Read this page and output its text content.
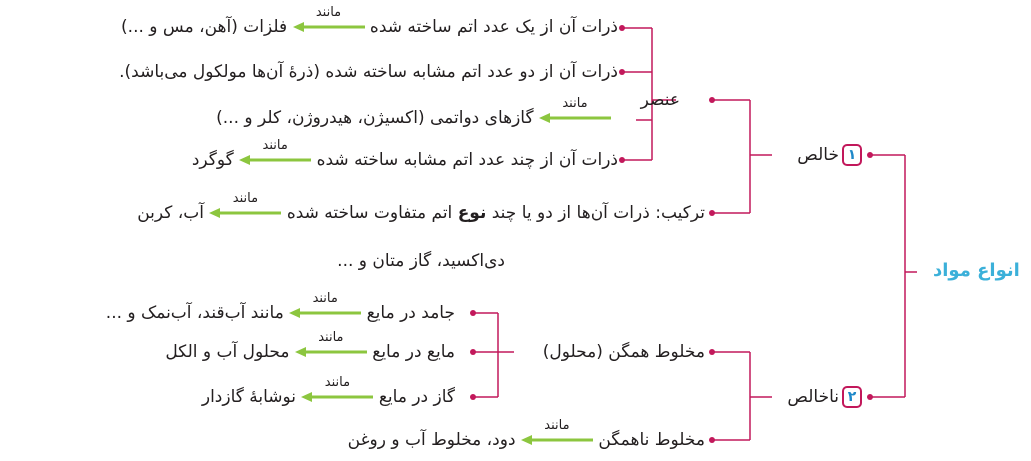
انواع مواد
۱خالص
عنصر
ذرات آن از یک عدد اتم ساخته شده
مانند
فلزات (آهن، مس و ...)
ذرات آن از دو عدد اتم مشابه ساخته شده (ذرهٔ آن‌ها مولکول می‌باشد).
مانند
گازهای دواتمی (اکسیژن، هیدروژن، کلر و ...)
ذرات آن از چند عدد اتم مشابه ساخته شده
مانند
گوگرد
ترکیب: ذرات آن‌ها از دو یا چند نوع اتم متفاوت ساخته شده
مانند
آب، کربن
دی‌اکسید، گاز متان و ...
۲ناخالص
مخلوط همگن (محلول)
جامد در مایع
مانند
مانند آب‌قند، آب‌نمک و ...
مایع در مایع
مانند
محلول آب و الکل
گاز در مایع
مانند
نوشابهٔ گازدار
مخلوط ناهمگن
مانند
دود، مخلوط آب و روغن
